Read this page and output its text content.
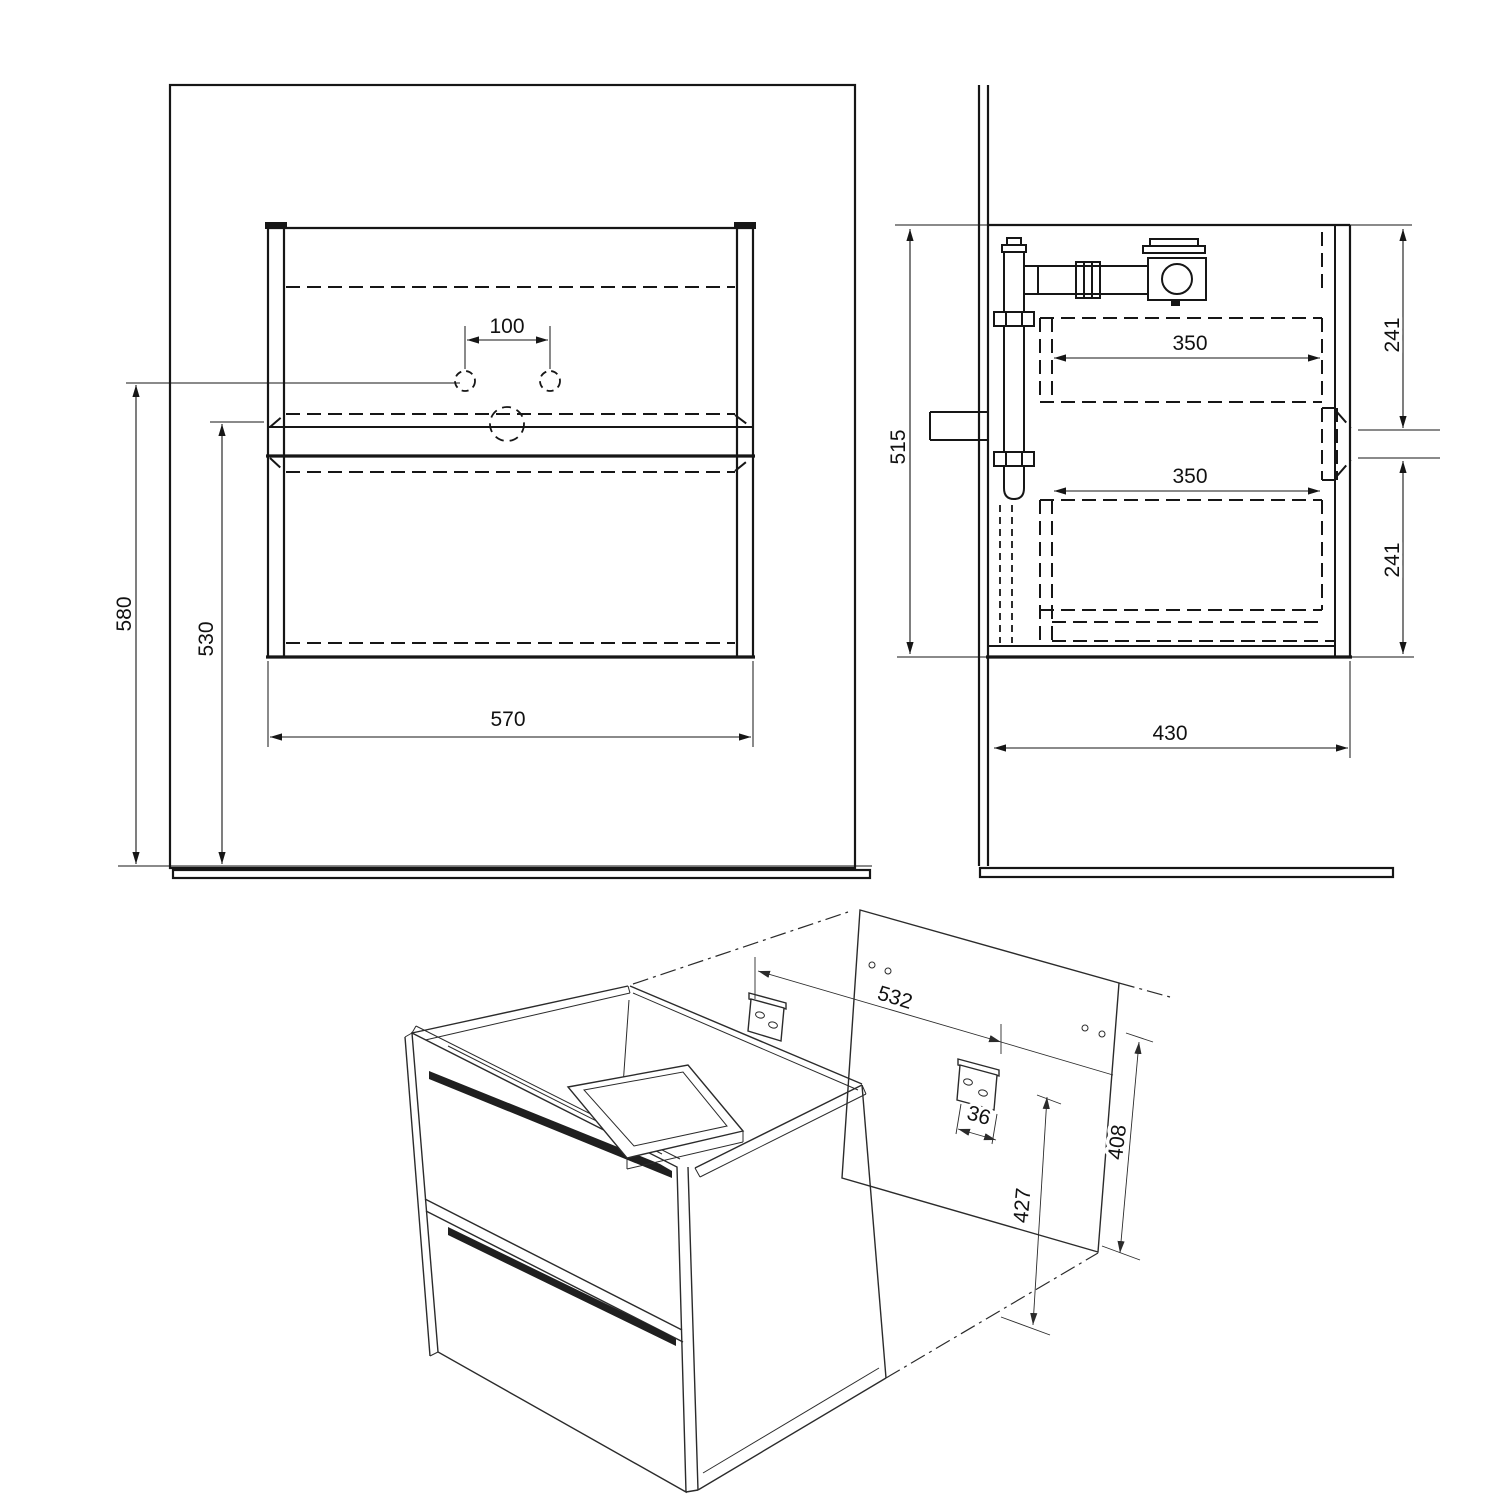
580
530
570
100
515
350
350
241
241
430
532
36
408
427
